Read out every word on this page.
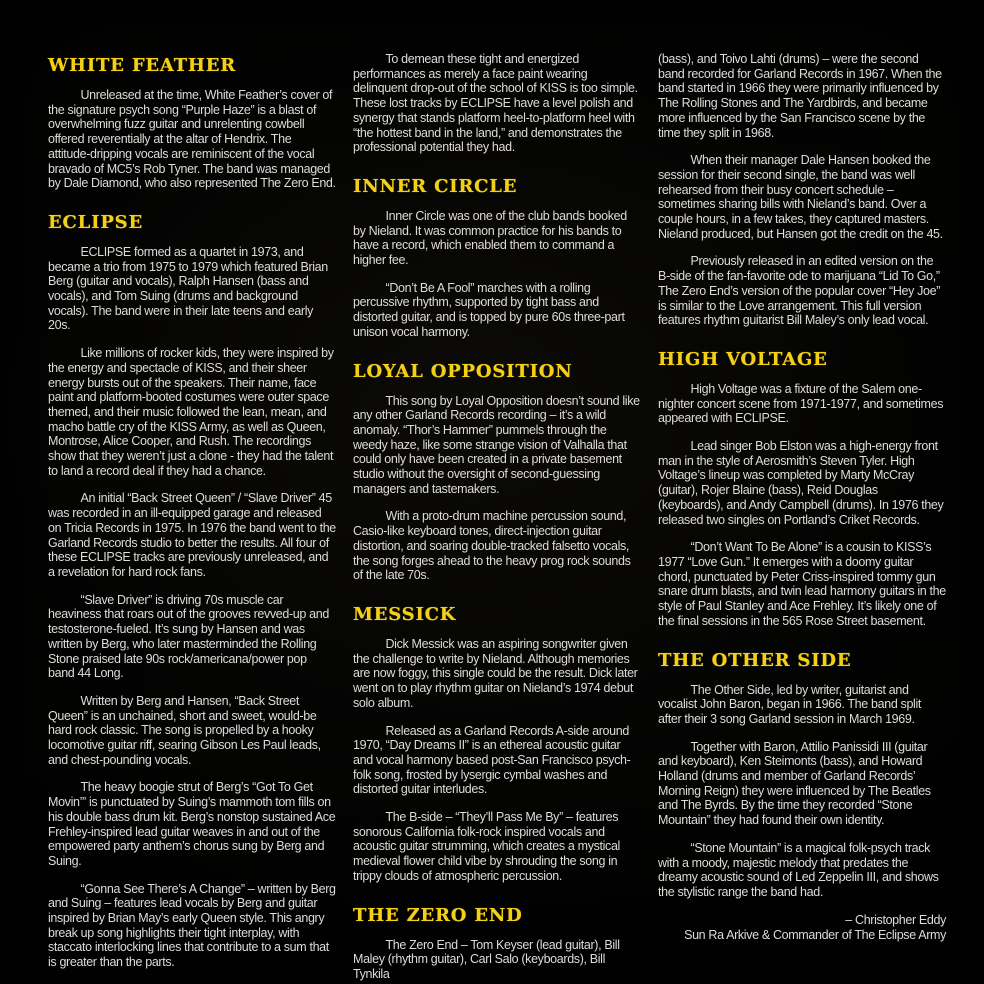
WHITE FEATHER

Unreleased at the time, White Feather’s cover of the signature psych song “Purple Haze” is a blast of overwhelming fuzz guitar and unrelenting cowbell offered reverentially at the altar of Hendrix. The attitude-dripping vocals are reminiscent of the vocal bravado of MC5’s Rob Tyner. The band was managed by Dale Diamond, who also represented The Zero End.

ECLIPSE

ECLIPSE formed as a quartet in 1973, and became a trio from 1975 to 1979 which featured Brian Berg (guitar and vocals), Ralph Hansen (bass and vocals), and Tom Suing (drums and background vocals). The band were in their late teens and early 20s.

Like millions of rocker kids, they were inspired by the energy and spectacle of KISS, and their sheer energy bursts out of the speakers. Their name, face paint and platform-booted costumes were outer space themed, and their music followed the lean, mean, and macho battle cry of the KISS Army, as well as Queen, Montrose, Alice Cooper, and Rush. The recordings show that they weren’t just a clone - they had the talent to land a record deal if they had a chance.

An initial “Back Street Queen” / “Slave Driver” 45 was recorded in an ill-equipped garage and released on Tricia Records in 1975. In 1976 the band went to the Garland Records studio to better the results. All four of these ECLIPSE tracks are previously unreleased, and a revelation for hard rock fans.

“Slave Driver” is driving 70s muscle car heaviness that roars out of the grooves revved-up and testosterone-fueled. It’s sung by Hansen and was written by Berg, who later masterminded the Rolling Stone praised late 90s rock/americana/power pop band 44 Long.

Written by Berg and Hansen, “Back Street Queen” is an unchained, short and sweet, would-be hard rock classic. The song is propelled by a hooky locomotive guitar riff, searing Gibson Les Paul leads, and chest-pounding vocals.

The heavy boogie strut of Berg’s “Got To Get Movin’” is punctuated by Suing’s mammoth tom fills on his double bass drum kit. Berg’s nonstop sustained Ace Frehley-inspired lead guitar weaves in and out of the empowered party anthem’s chorus sung by Berg and Suing.

“Gonna See There’s A Change” – written by Berg and Suing – features lead vocals by Berg and guitar inspired by Brian May’s early Queen style. This angry break up song highlights their tight interplay, with staccato interlocking lines that contribute to a sum that is greater than the parts.

To demean these tight and energized performances as merely a face paint wearing delinquent drop-out of the school of KISS is too simple. These lost tracks by ECLIPSE have a level polish and synergy that stands platform heel-to-platform heel with “the hottest band in the land,” and demonstrates the professional potential they had.

INNER CIRCLE

Inner Circle was one of the club bands booked by Nieland. It was common practice for his bands to have a record, which enabled them to command a higher fee.

“Don’t Be A Fool” marches with a rolling percussive rhythm, supported by tight bass and distorted guitar, and is topped by pure 60s three-part unison vocal harmony.

LOYAL OPPOSITION

This song by Loyal Opposition doesn’t sound like any other Garland Records recording – it’s a wild anomaly. “Thor’s Hammer” pummels through the weedy haze, like some strange vision of Valhalla that could only have been created in a private basement studio without the oversight of second-guessing managers and tastemakers.

With a proto-drum machine percussion sound, Casio-like keyboard tones, direct-injection guitar distortion, and soaring double-tracked falsetto vocals, the song forges ahead to the heavy prog rock sounds of the late 70s.

MESSICK

Dick Messick was an aspiring songwriter given the challenge to write by Nieland. Although memories are now foggy, this single could be the result. Dick later went on to play rhythm guitar on Nieland’s 1974 debut solo album.

Released as a Garland Records A-side around 1970, “Day Dreams II” is an ethereal acoustic guitar and vocal harmony based post-San Francisco psych-folk song, frosted by lysergic cymbal washes and distorted guitar interludes.

The B-side – “They’ll Pass Me By” – features sonorous California folk-rock inspired vocals and acoustic guitar strumming, which creates a mystical medieval flower child vibe by shrouding the song in trippy clouds of atmospheric percussion.

THE ZERO END

The Zero End – Tom Keyser (lead guitar), Bill Maley (rhythm guitar), Carl Salo (keyboards), Bill Tynkila

(bass), and Toivo Lahti (drums) – were the second band recorded for Garland Records in 1967. When the band started in 1966 they were primarily influenced by The Rolling Stones and The Yardbirds, and became more influenced by the San Francisco scene by the time they split in 1968.

When their manager Dale Hansen booked the session for their second single, the band was well rehearsed from their busy concert schedule – sometimes sharing bills with Nieland’s band. Over a couple hours, in a few takes, they captured masters. Nieland produced, but Hansen got the credit on the 45.

Previously released in an edited version on the B-side of the fan-favorite ode to marijuana “Lid To Go,” The Zero End’s version of the popular cover “Hey Joe” is similar to the Love arrangement. This full version features rhythm guitarist Bill Maley’s only lead vocal.

HIGH VOLTAGE

High Voltage was a fixture of the Salem one-nighter concert scene from 1971-1977, and sometimes appeared with ECLIPSE.

Lead singer Bob Elston was a high-energy front man in the style of Aerosmith’s Steven Tyler. High Voltage’s lineup was completed by Marty McCray (guitar), Rojer Blaine (bass), Reid Douglas (keyboards), and Andy Campbell (drums). In 1976 they released two singles on Portland’s Criket Records.

“Don’t Want To Be Alone” is a cousin to KISS’s 1977 “Love Gun.” It emerges with a doomy guitar chord, punctuated by Peter Criss-inspired tommy gun snare drum blasts, and twin lead harmony guitars in the style of Paul Stanley and Ace Frehley. It’s likely one of the final sessions in the 565 Rose Street basement.

THE OTHER SIDE

The Other Side, led by writer, guitarist and vocalist John Baron, began in 1966. The band split after their 3 song Garland session in March 1969.

Together with Baron, Attilio Panissidi III (guitar and keyboard), Ken Steimonts (bass), and Howard Holland (drums and member of Garland Records’ Morning Reign) they were influenced by The Beatles and The Byrds. By the time they recorded “Stone Mountain” they had found their own identity.

“Stone Mountain” is a magical folk-psych track with a moody, majestic melody that predates the dreamy acoustic sound of Led Zeppelin III, and shows the stylistic range the band had.

– Christopher Eddy

Sun Ra Arkive & Commander of The Eclipse Army
